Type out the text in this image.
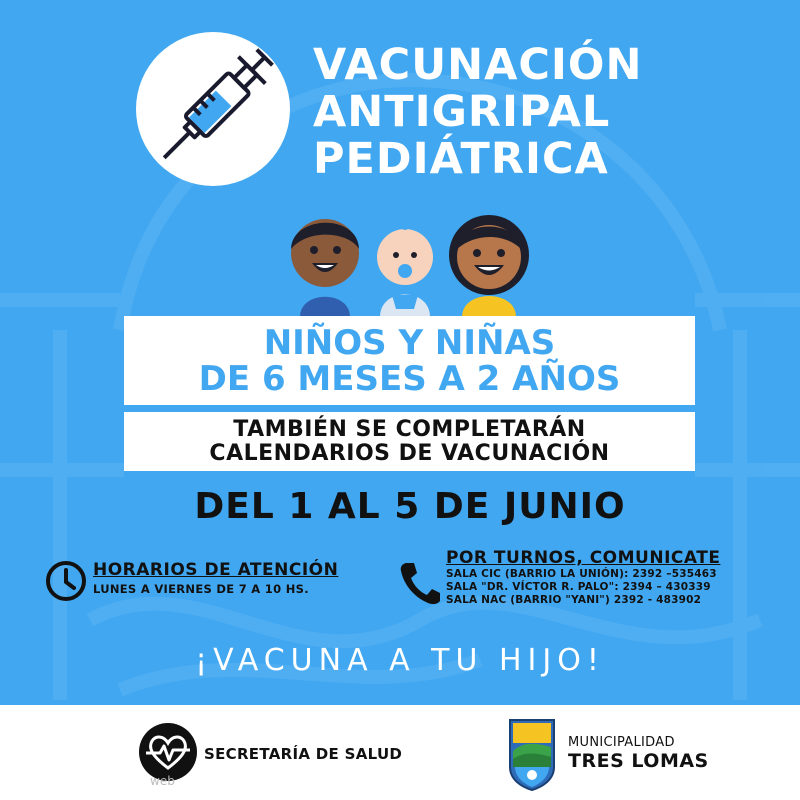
VACUNACIÓN
ANTIGRIPAL
PEDIÁTRICA
NIÑOS Y NIÑAS
DE 6 MESES A 2 AÑOS
TAMBIÉN SE COMPLETARÁN
CALENDARIOS DE VACUNACIÓN
DEL 1 AL 5 DE JUNIO
HORARIOS DE ATENCIÓN
LUNES A VIERNES DE 7 A 10 HS.
POR TURNOS, COMUNICATE
SALA CIC (BARRIO LA UNIÓN): 2392 –535463
SALA "DR. VÍCTOR R. PALO": 2394 – 430339
SALA NAC (BARRIO "YANI") 2392 - 483902
¡VACUNA A TU HIJO!
SECRETARÍA DE SALUD
web
MUNICIPALIDAD
TRES LOMAS
